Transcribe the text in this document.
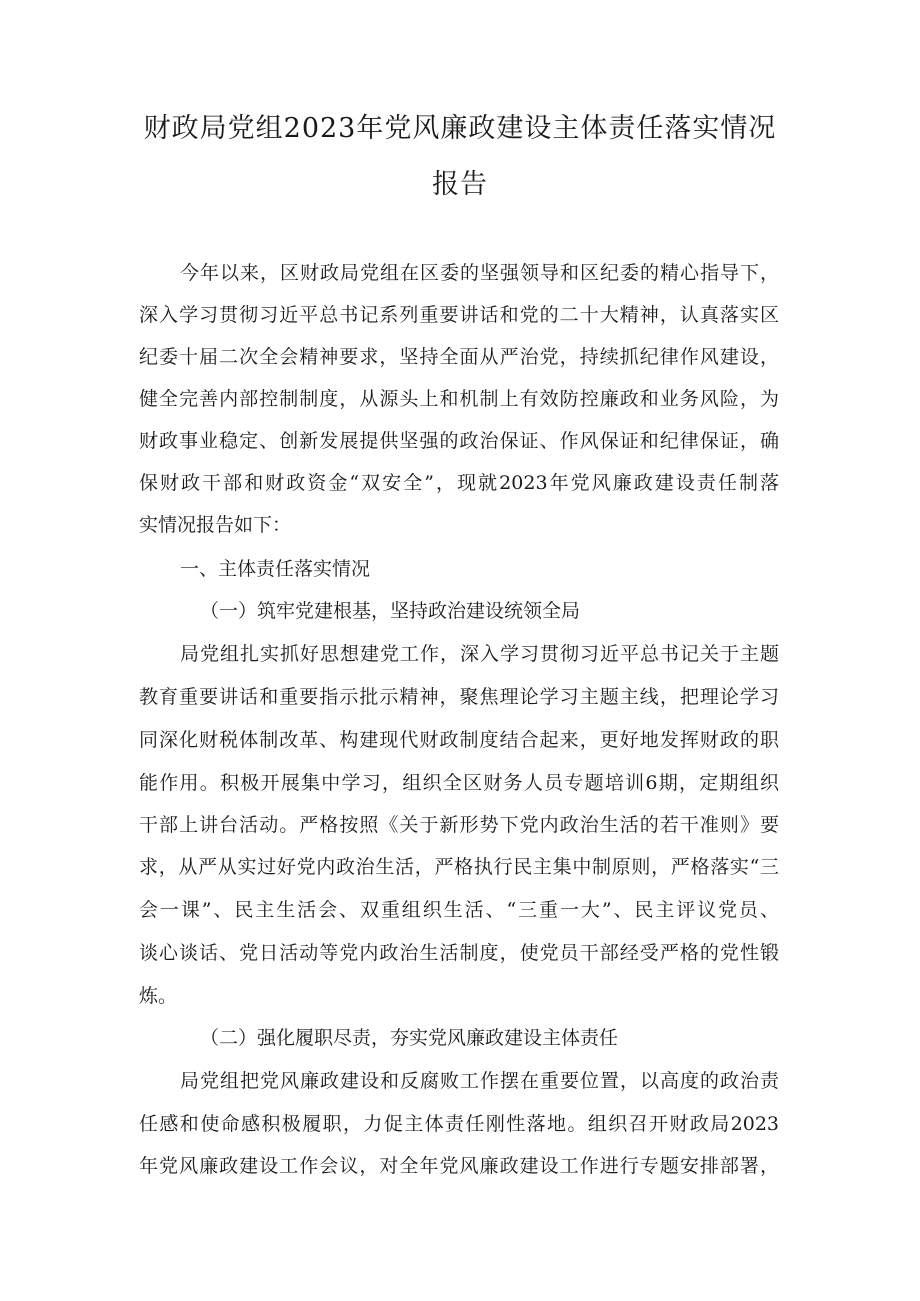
财政局党组2023年党风廉政建设主体责任落实情况
报告
今年以来，区财政局党组在区委的坚强领导和区纪委的精心指导下，
深入学习贯彻习近平总书记系列重要讲话和党的二十大精神，认真落实区
纪委十届二次全会精神要求，坚持全面从严治党，持续抓纪律作风建设，
健全完善内部控制制度，从源头上和机制上有效防控廉政和业务风险，为
财政事业稳定、创新发展提供坚强的政治保证、作风保证和纪律保证，确
保财政干部和财政资金“双安全”，现就2023年党风廉政建设责任制落
实情况报告如下：
一、主体责任落实情况
（一）筑牢党建根基，坚持政治建设统领全局
局党组扎实抓好思想建党工作，深入学习贯彻习近平总书记关于主题
教育重要讲话和重要指示批示精神，聚焦理论学习主题主线，把理论学习
同深化财税体制改革、构建现代财政制度结合起来，更好地发挥财政的职
能作用。积极开展集中学习，组织全区财务人员专题培训6期，定期组织
干部上讲台活动。严格按照《关于新形势下党内政治生活的若干准则》要
求，从严从实过好党内政治生活，严格执行民主集中制原则，严格落实“三
会一课”、民主生活会、双重组织生活、“三重一大”、民主评议党员、
谈心谈话、党日活动等党内政治生活制度，使党员干部经受严格的党性锻
炼。
（二）强化履职尽责，夯实党风廉政建设主体责任
局党组把党风廉政建设和反腐败工作摆在重要位置，以高度的政治责
任感和使命感积极履职，力促主体责任刚性落地。组织召开财政局2023
年党风廉政建设工作会议，对全年党风廉政建设工作进行专题安排部署，
